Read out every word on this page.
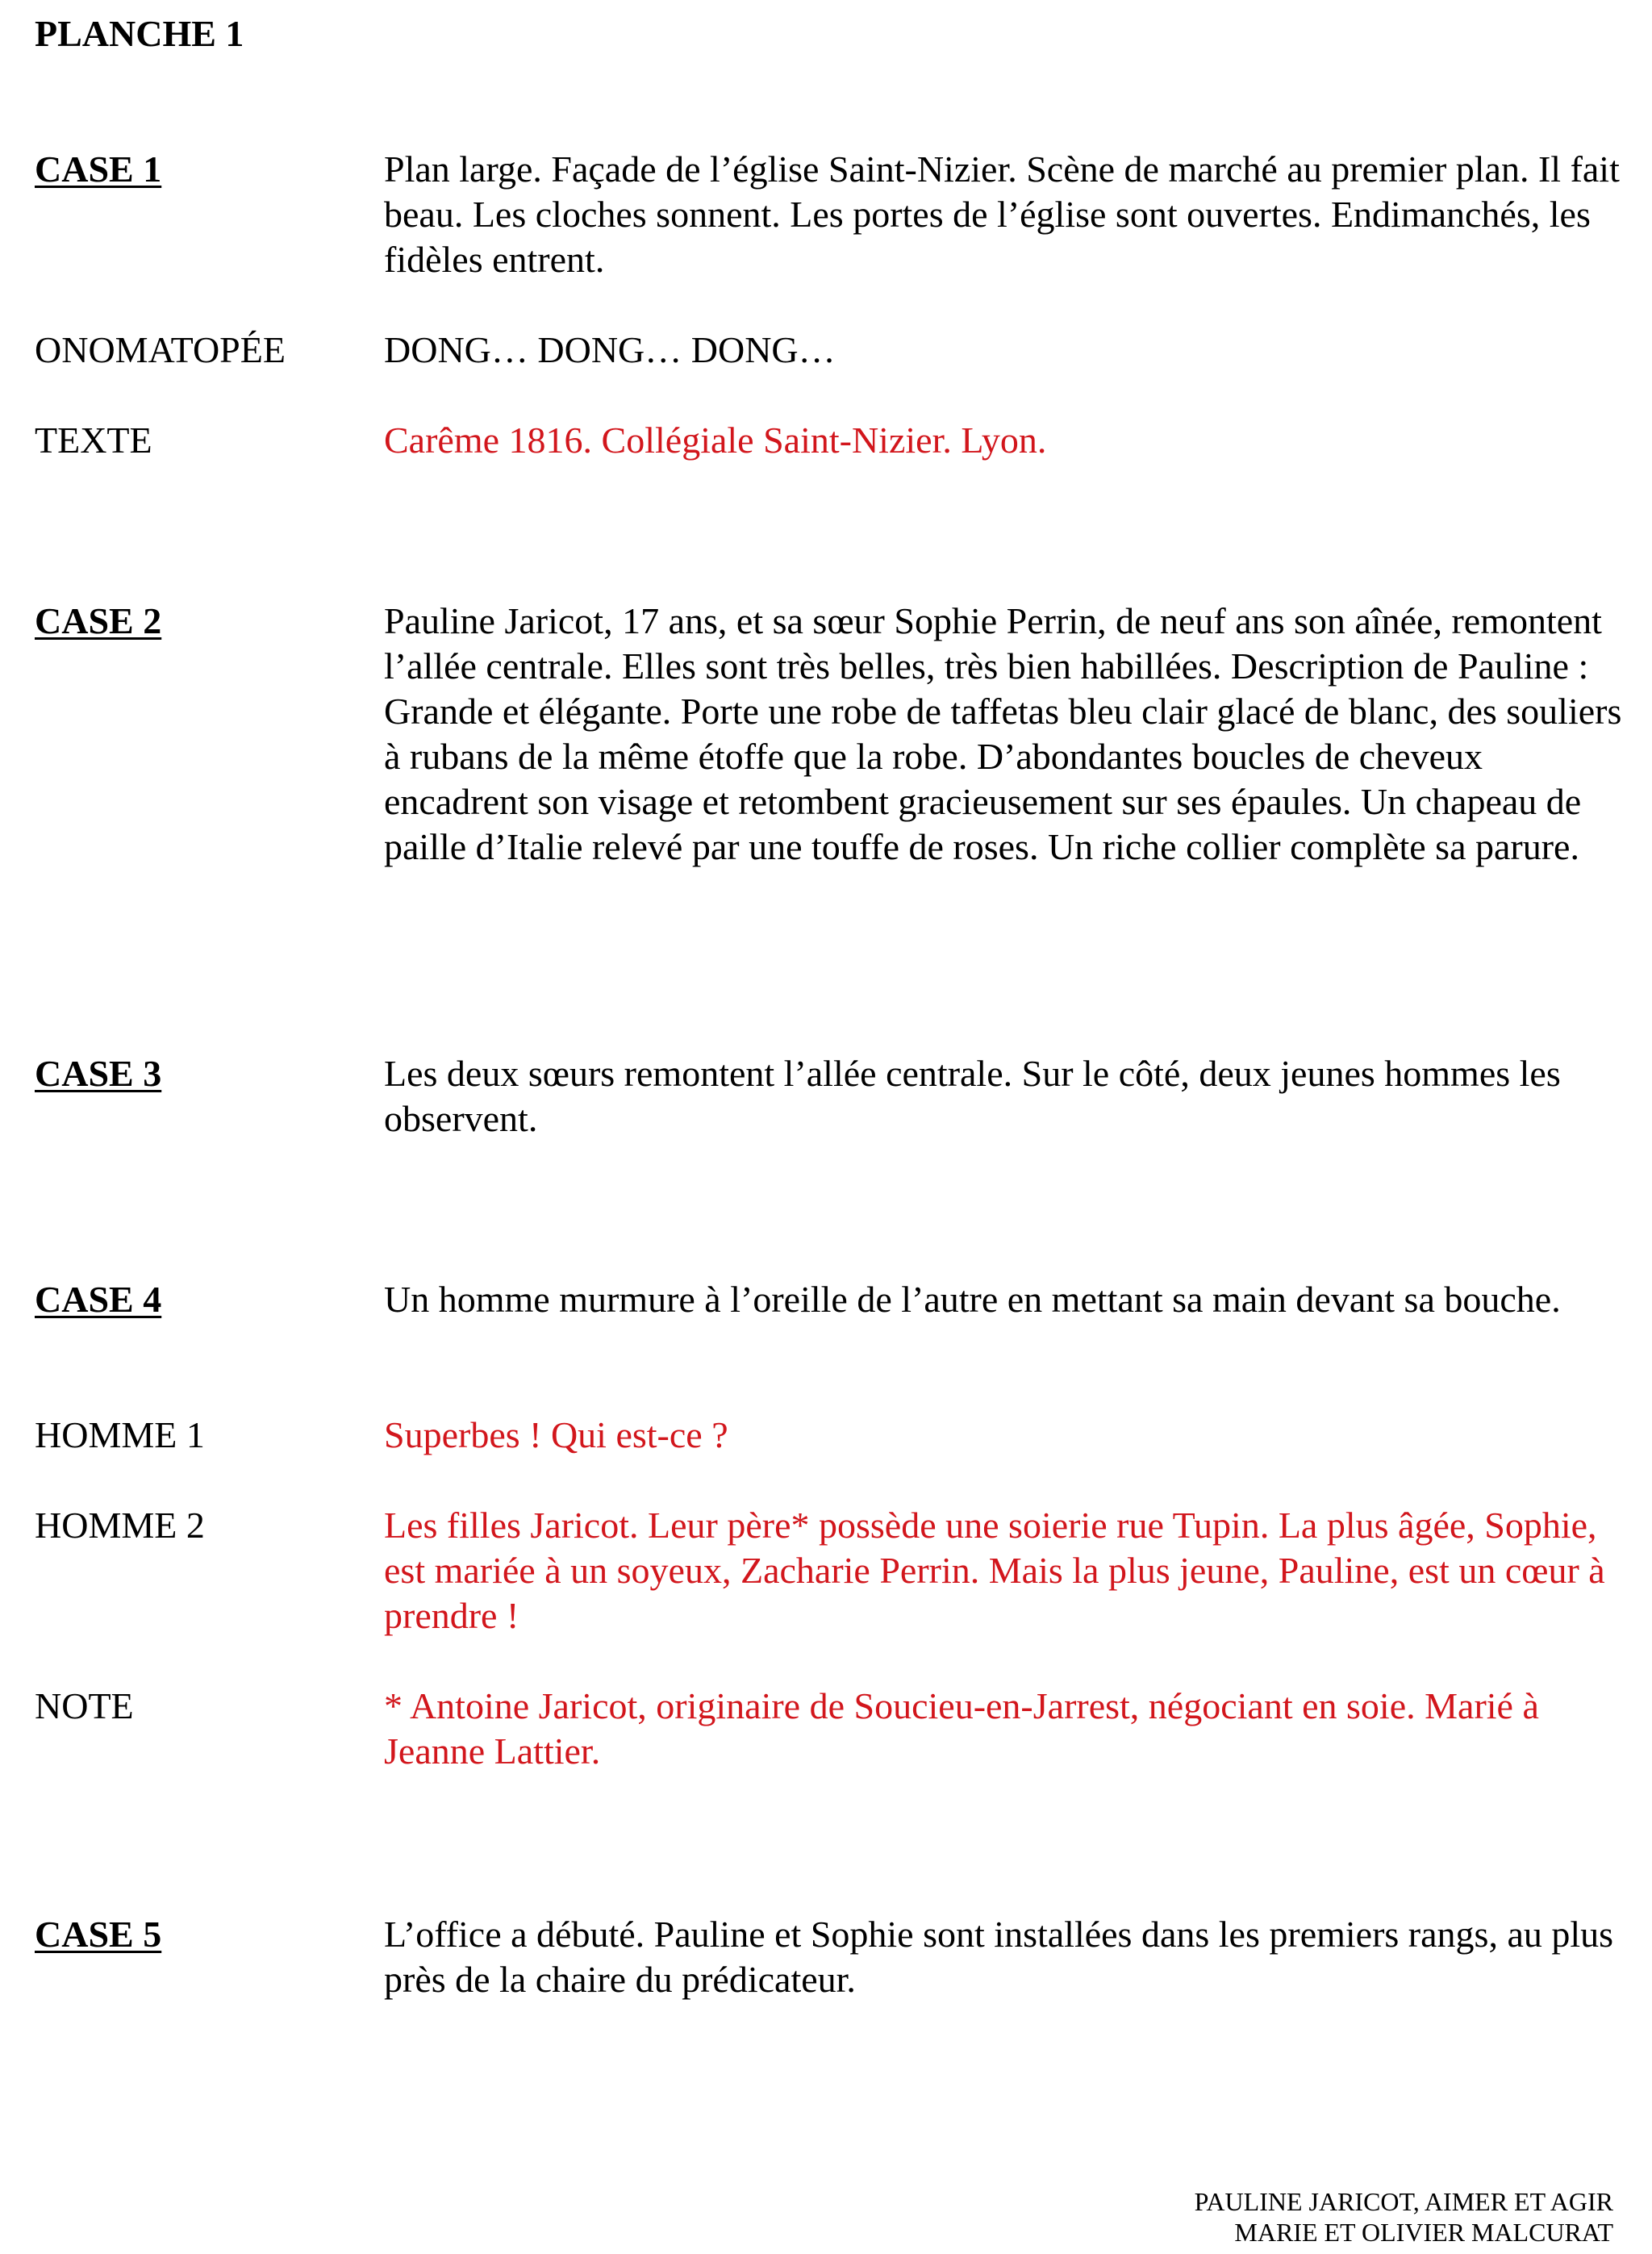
PLANCHE 1
CASE 1	Plan large. Façade de l’église Saint-Nizier. Scène de marché au premier plan. Il fait beau. Les cloches sonnent. Les portes de l’église sont ouvertes. Endimanchés, les fidèles entrent.

ONOMATOPÉE	DONG… DONG… DONG…

TEXTE	Carême 1816. Collégiale Saint-Nizier. Lyon.

CASE 2	Pauline Jaricot, 17 ans, et sa sœur Sophie Perrin, de neuf ans son aînée, remontent l’allée centrale. Elles sont très belles, très bien habillées. Description de Pauline : Grande et élégante. Porte une robe de taffetas bleu clair glacé de blanc, des souliers à rubans de la même étoffe que la robe. D’abondantes boucles de cheveux encadrent son visage et retombent gracieusement sur ses épaules. Un chapeau de paille d’Italie relevé par une touffe de roses. Un riche collier complète sa parure.

CASE 3	Les deux sœurs remontent l’allée centrale. Sur le côté, deux jeunes hommes les observent.

CASE 4	Un homme murmure à l’oreille de l’autre en mettant sa main devant sa bouche.

HOMME 1	Superbes ! Qui est-ce ?

HOMME 2	Les filles Jaricot. Leur père* possède une soierie rue Tupin. La plus âgée, Sophie, est mariée à un soyeux, Zacharie Perrin. Mais la plus jeune, Pauline, est un cœur à prendre !

NOTE	* Antoine Jaricot, originaire de Soucieu-en-Jarrest, négociant en soie. Marié à Jeanne Lattier.

CASE 5	L’office a débuté. Pauline et Sophie sont installées dans les premiers rangs, au plus près de la chaire du prédicateur.

PAULINE JARICOT, AIMER ET AGIR
MARIE ET OLIVIER MALCURAT
